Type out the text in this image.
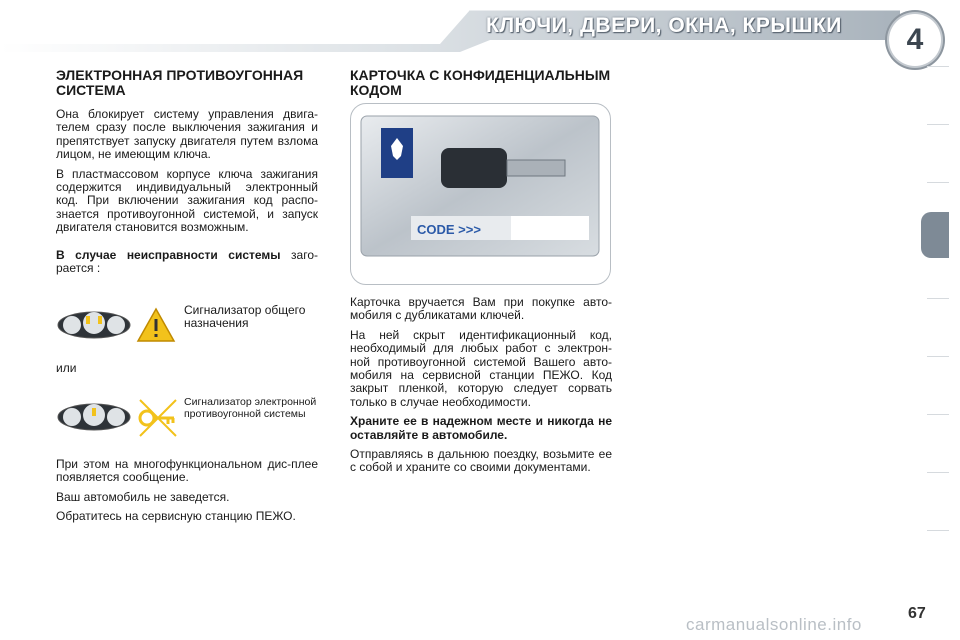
КЛЮЧИ, ДВЕРИ, ОКНА, КРЫШКИ	4
ЭЛЕКТРОННАЯ ПРОТИВОУГОННАЯ СИСТЕМА

Она блокирует систему управления двига-телем сразу после выключения зажигания и препятствует запуску двигателя путем взлома лицом, не имеющим ключа.

В пластмассовом корпусе ключа зажигания содержится индивидуальный электронный код. При включении зажигания код распо-знается противоугонной системой, и запуск двигателя становится возможным.

В случае неисправности системы заго-рается :

Сигнализатор общего назначения
или
Сигнализатор электронной противоугонной системы

При этом на многофункциональном дис-плее появляется сообщение.

Ваш автомобиль не заведется.

Обратитесь на сервисную станцию ПЕЖО.

КАРТОЧКА С КОНФИДЕНЦИАЛЬНЫМ КОДОМ
CODE >>>

Карточка вручается Вам при покупке авто-мобиля с дубликатами ключей.

На ней скрыт идентификационный код, необходимый для любых работ с электрон-ной противоугонной системой Вашего авто-мобиля на сервисной станции ПЕЖО. Код закрыт пленкой, которую следует сорвать только в случае необходимости.

Храните ее в надежном месте и никогда не оставляйте в автомобиле.

Отправляясь в дальнюю поездку, возьмите ее с собой и храните со своими документами.

carmanualsonline.info
67
